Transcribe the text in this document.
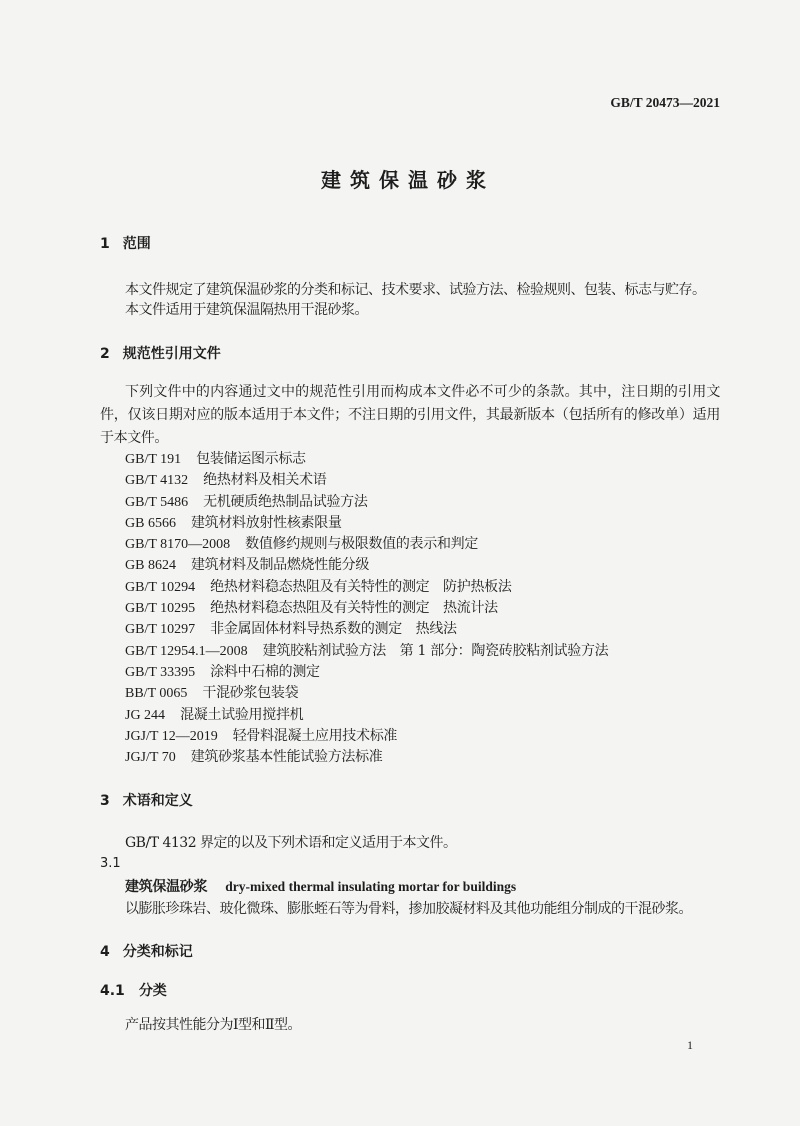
GB/T 20473—2021
建筑保温砂浆
1 范围
本文件规定了建筑保温砂浆的分类和标记、技术要求、试验方法、检验规则、包装、标志与贮存。
本文件适用于建筑保温隔热用干混砂浆。
2 规范性引用文件
下列文件中的内容通过文中的规范性引用而构成本文件必不可少的条款。其中，注日期的引用文件，仅该日期对应的版本适用于本文件；不注日期的引用文件，其最新版本（包括所有的修改单）适用于本文件。
GB/T 191 包装储运图示标志
GB/T 4132 绝热材料及相关术语
GB/T 5486 无机硬质绝热制品试验方法
GB 6566 建筑材料放射性核素限量
GB/T 8170—2008 数值修约规则与极限数值的表示和判定
GB 8624 建筑材料及制品燃烧性能分级
GB/T 10294 绝热材料稳态热阻及有关特性的测定　防护热板法
GB/T 10295 绝热材料稳态热阻及有关特性的测定　热流计法
GB/T 10297 非金属固体材料导热系数的测定　热线法
GB/T 12954.1—2008 建筑胶粘剂试验方法　第 1 部分：陶瓷砖胶粘剂试验方法
GB/T 33395 涂料中石棉的测定
BB/T 0065 干混砂浆包装袋
JG 244 混凝土试验用搅拌机
JGJ/T 12—2019 轻骨料混凝土应用技术标准
JGJ/T 70 建筑砂浆基本性能试验方法标准
3 术语和定义
GB/T 4132 界定的以及下列术语和定义适用于本文件。
3.1
建筑保温砂浆 dry-mixed thermal insulating mortar for buildings
以膨胀珍珠岩、玻化微珠、膨胀蛭石等为骨料，掺加胶凝材料及其他功能组分制成的干混砂浆。
4 分类和标记
4.1 分类
产品按其性能分为Ⅰ型和Ⅱ型。
1
